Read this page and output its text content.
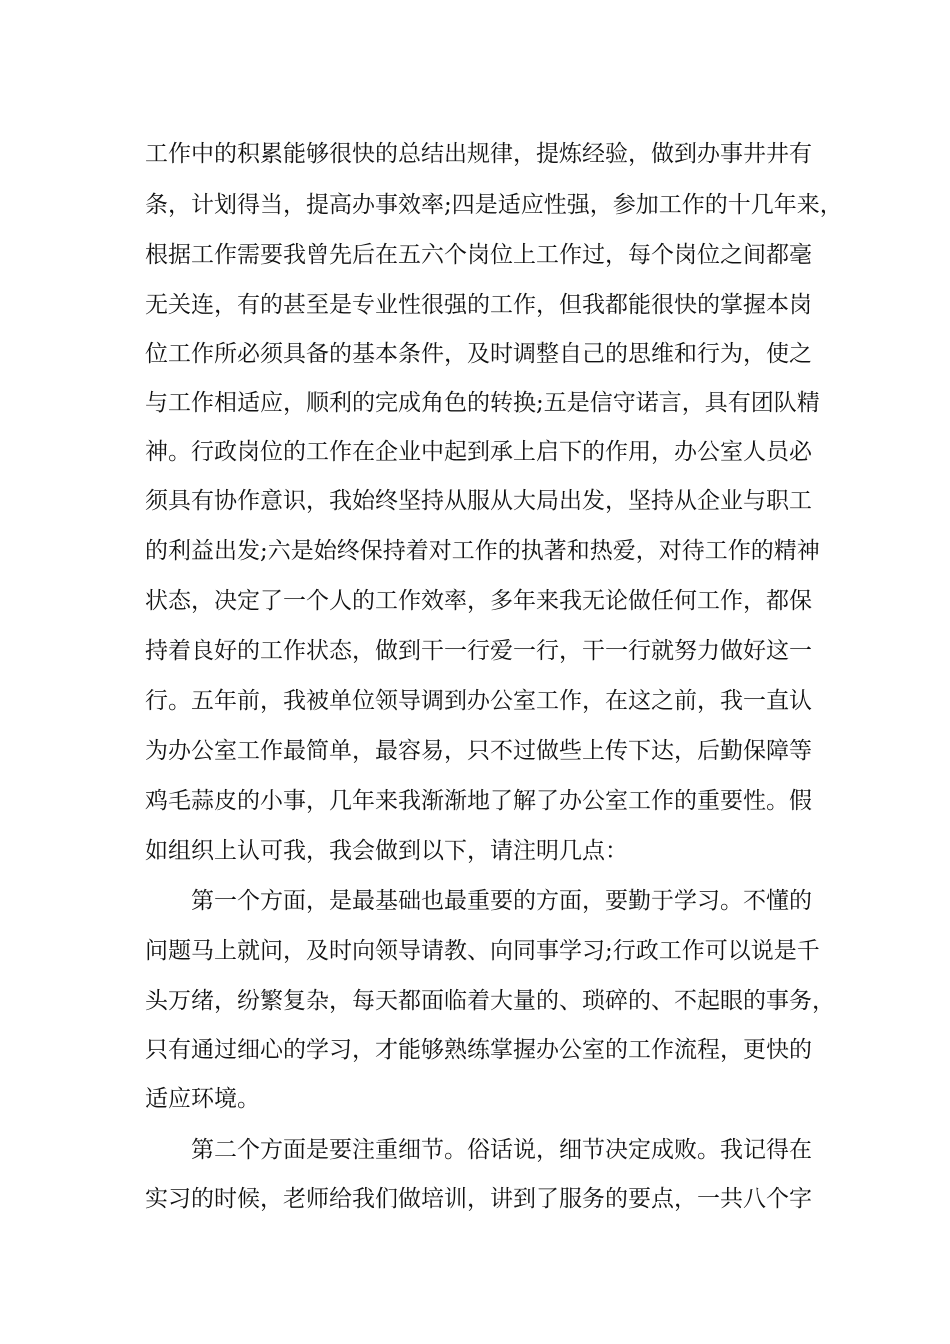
工作中的积累能够很快的总结出规律，提炼经验，做到办事井井有
条，计划得当，提高办事效率;四是适应性强，参加工作的十几年来，
根据工作需要我曾先后在五六个岗位上工作过，每个岗位之间都毫
无关连，有的甚至是专业性很强的工作，但我都能很快的掌握本岗
位工作所必须具备的基本条件，及时调整自己的思维和行为，使之
与工作相适应，顺利的完成角色的转换;五是信守诺言，具有团队精
神。行政岗位的工作在企业中起到承上启下的作用，办公室人员必
须具有协作意识，我始终坚持从服从大局出发，坚持从企业与职工
的利益出发;六是始终保持着对工作的执著和热爱，对待工作的精神
状态，决定了一个人的工作效率，多年来我无论做任何工作，都保
持着良好的工作状态，做到干一行爱一行，干一行就努力做好这一
行。五年前，我被单位领导调到办公室工作，在这之前，我一直认
为办公室工作最简单，最容易，只不过做些上传下达，后勤保障等
鸡毛蒜皮的小事，几年来我渐渐地了解了办公室工作的重要性。假
如组织上认可我，我会做到以下，请注明几点：
第一个方面，是最基础也最重要的方面，要勤于学习。不懂的
问题马上就问，及时向领导请教、向同事学习;行政工作可以说是千
头万绪，纷繁复杂，每天都面临着大量的、琐碎的、不起眼的事务，
只有通过细心的学习，才能够熟练掌握办公室的工作流程，更快的
适应环境。
第二个方面是要注重细节。俗话说，细节决定成败。我记得在
实习的时候，老师给我们做培训，讲到了服务的要点，一共八个字
